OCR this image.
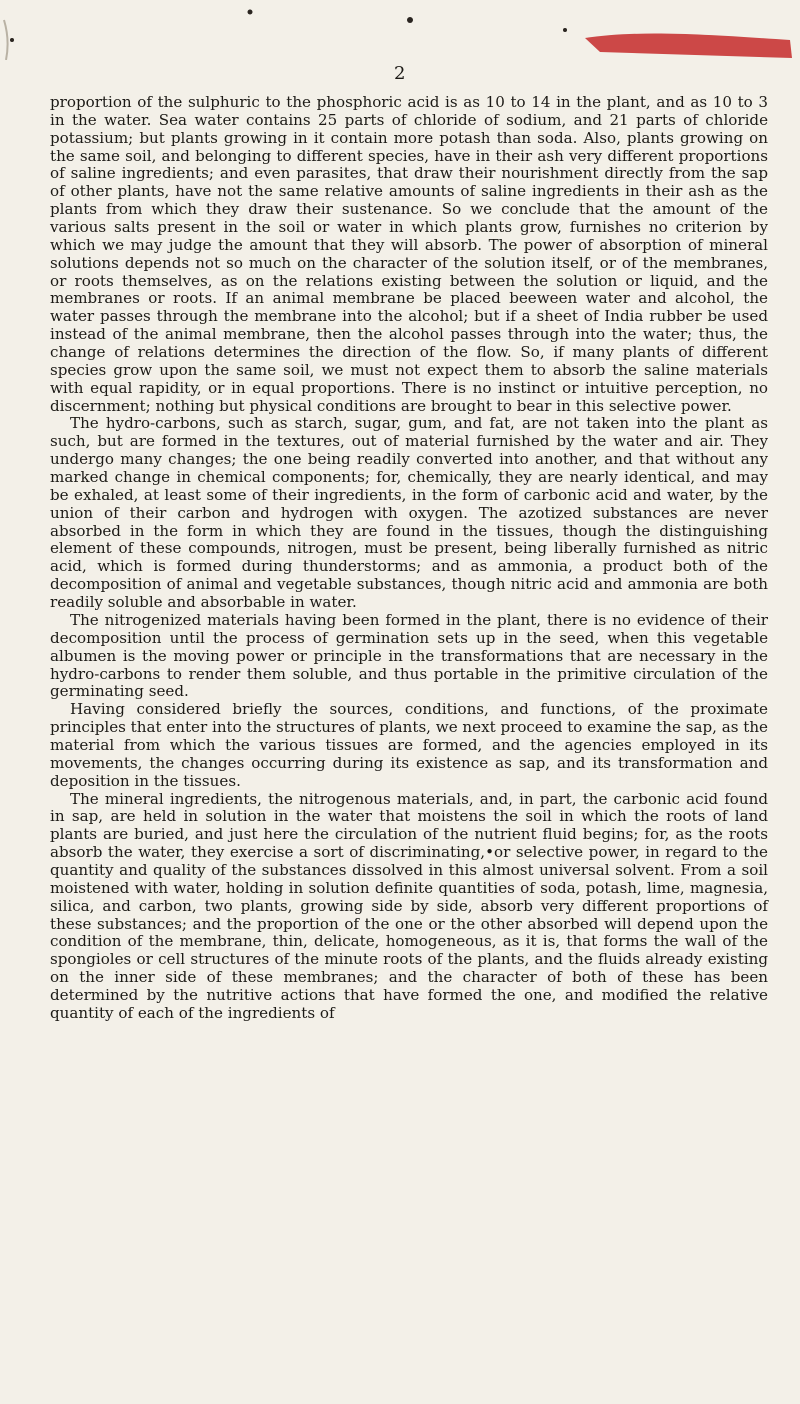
2

proportion of the sulphuric to the phosphoric acid is as 10 to 14 in the plant, and as 10 to 3 in the water. Sea water contains 25 parts of chloride of sodium, and 21 parts of chloride potassium; but plants growing in it contain more potash than soda. Also, plants growing on the same soil, and belonging to different species, have in their ash very different proportions of saline ingredients; and even parasites, that draw their nourishment directly from the sap of other plants, have not the same relative amounts of saline ingredients in their ash as the plants from which they draw their sustenance. So we conclude that the amount of the various salts present in the soil or water in which plants grow, furnishes no criterion by which we may judge the amount that they will absorb. The power of absorption of mineral solutions depends not so much on the character of the solution itself, or of the membranes, or roots themselves, as on the relations existing between the solution or liquid, and the membranes or roots. If an animal membrane be placed beeween water and alcohol, the water passes through the membrane into the alcohol; but if a sheet of India rubber be used instead of the animal membrane, then the alcohol passes through into the water; thus, the change of relations determines the direction of the flow. So, if many plants of different species grow upon the same soil, we must not expect them to absorb the saline materials with equal rapidity, or in equal proportions. There is no instinct or intuitive perception, no discernment; nothing but physical conditions are brought to bear in this selective power.

The hydro-carbons, such as starch, sugar, gum, and fat, are not taken into the plant as such, but are formed in the textures, out of material furnished by the water and air. They undergo many changes; the one being readily converted into another, and that without any marked change in chemical components; for, chemically, they are nearly identical, and may be exhaled, at least some of their ingredients, in the form of carbonic acid and water, by the union of their carbon and hydrogen with oxygen. The azotized substances are never absorbed in the form in which they are found in the tissues, though the distinguishing element of these compounds, nitrogen, must be present, being liberally furnished as nitric acid, which is formed during thunderstorms; and as ammonia, a product both of the decomposition of animal and vegetable substances, though nitric acid and ammonia are both readily soluble and absorbable in water.

The nitrogenized materials having been formed in the plant, there is no evidence of their decomposition until the process of germination sets up in the seed, when this vegetable albumen is the moving power or principle in the transformations that are necessary in the hydro-carbons to render them soluble, and thus portable in the primitive circulation of the germinating seed.

Having considered briefly the sources, conditions, and functions, of the proximate principles that enter into the structures of plants, we next proceed to examine the sap, as the material from which the various tissues are formed, and the agencies employed in its movements, the changes occurring during its existence as sap, and its transformation and deposition in the tissues.

The mineral ingredients, the nitrogenous materials, and, in part, the carbonic acid found in sap, are held in solution in the water that moistens the soil in which the roots of land plants are buried, and just here the circulation of the nutrient fluid begins; for, as the roots absorb the water, they exercise a sort of discriminating,•or selective power, in regard to the quantity and quality of the substances dissolved in this almost universal solvent. From a soil moistened with water, holding in solution definite quantities of soda, potash, lime, magnesia, silica, and carbon, two plants, growing side by side, absorb very different proportions of these substances; and the proportion of the one or the other absorbed will depend upon the condition of the membrane, thin, delicate, homogeneous, as it is, that forms the wall of the spongioles or cell structures of the minute roots of the plants, and the fluids already existing on the inner side of these membranes; and the character of both of these has been determined by the nutritive actions that have formed the one, and modified the relative quantity of each of the ingredients of
